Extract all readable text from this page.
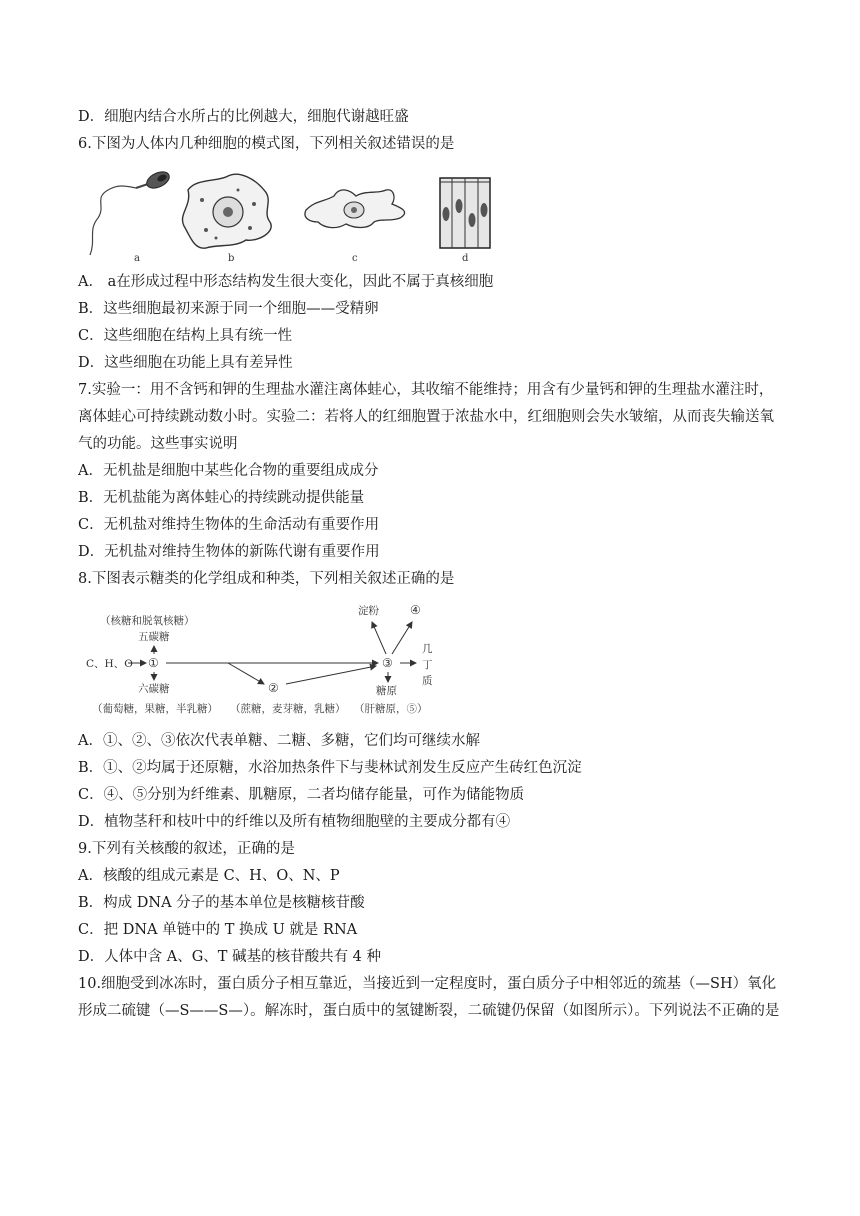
D．细胞内结合水所占的比例越大，细胞代谢越旺盛
6.下图为人体内几种细胞的模式图，下列相关叙述错误的是
a	b	c	d
A． a在形成过程中形态结构发生很大变化，因此不属于真核细胞
B．这些细胞最初来源于同一个细胞——受精卵
C．这些细胞在结构上具有统一性
D．这些细胞在功能上具有差异性
7.实验一：用不含钙和钾的生理盐水灌注离体蛙心，其收缩不能维持；用含有少量钙和钾的生理盐水灌注时，离体蛙心可持续跳动数小时。实验二：若将人的红细胞置于浓盐水中，红细胞则会失水皱缩，从而丧失输送氧气的功能。这些事实说明
A．无机盐是细胞中某些化合物的重要组成成分
B．无机盐能为离体蛙心的持续跳动提供能量
C．无机盐对维持生物体的生命活动有重要作用
D．无机盐对维持生物体的新陈代谢有重要作用
8.下图表示糖类的化学组成和种类，下列相关叙述正确的是
（核糖和脱氧核糖）
五碳糖
C、H、O ①
六碳糖
（葡萄糖，果糖，半乳糖）
②
（蔗糖，麦芽糖，乳糖）
③
淀粉	④
几
丁
质
糖原
（肝糖原，⑤）
A．①、②、③依次代表单糖、二糖、多糖，它们均可继续水解
B．①、②均属于还原糖，水浴加热条件下与斐林试剂发生反应产生砖红色沉淀
C．④、⑤分别为纤维素、肌糖原，二者均储存能量，可作为储能物质
D．植物茎秆和枝叶中的纤维以及所有植物细胞壁的主要成分都有④
9.下列有关核酸的叙述，正确的是
A．核酸的组成元素是 C、H、O、N、P
B．构成 DNA 分子的基本单位是核糖核苷酸
C．把 DNA 单链中的 T 换成 U 就是 RNA
D．人体中含 A、G、T 碱基的核苷酸共有 4 种
10.细胞受到冰冻时，蛋白质分子相互靠近，当接近到一定程度时，蛋白质分子中相邻近的巯基（—SH）氧化形成二硫键（—S——S—）。解冻时，蛋白质中的氢键断裂，二硫键仍保留（如图所示）。下列说法不正确的是
